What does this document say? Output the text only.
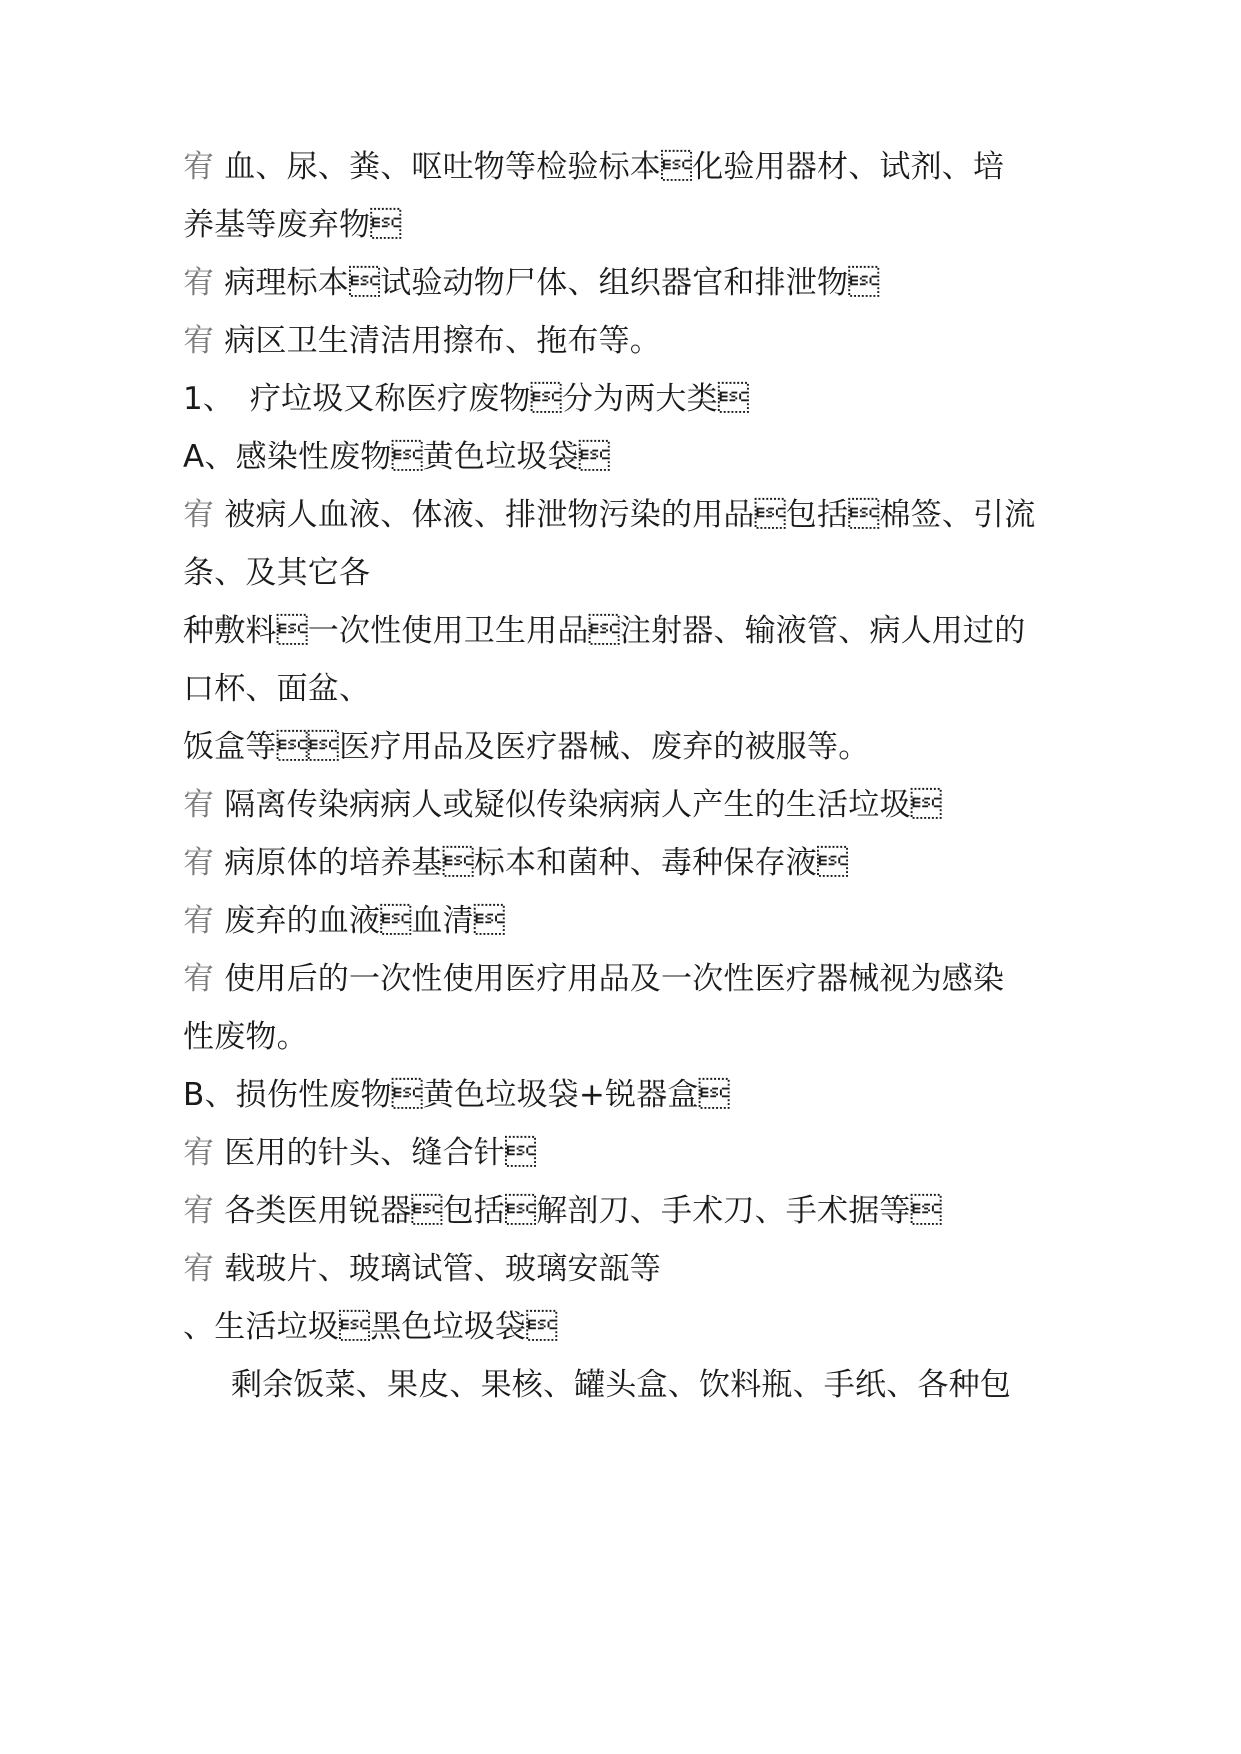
宥 血、尿、粪、呕吐物等检验标本化验用器材、试剂、培
养基等废弃物
宥 病理标本试验动物尸体、组织器官和排泄物
宥 病区卫生清洁用擦布、拖布等。
1、　疗垃圾又称医疗废物分为两大类
A、感染性废物黄色垃圾袋
宥 被病人血液、体液、排泄物污染的用品包括棉签、引流
条、及其它各
种敷料一次性使用卫生用品注射器、输液管、病人用过的
口杯、面盆、
饭盒等医疗用品及医疗器械、废弃的被服等。
宥 隔离传染病病人或疑似传染病病人产生的生活垃圾
宥 病原体的培养基标本和菌种、毒种保存液
宥 废弃的血液血清
宥 使用后的一次性使用医疗用品及一次性医疗器械视为感染
性废物。
B、损伤性废物黄色垃圾袋+锐器盒
宥 医用的针头、缝合针
宥 各类医用锐器包括解剖刀、手术刀、手术据等
宥 载玻片、玻璃试管、玻璃安瓿等
、生活垃圾黑色垃圾袋
剩余饭菜、果皮、果核、罐头盒、饮料瓶、手纸、各种包
